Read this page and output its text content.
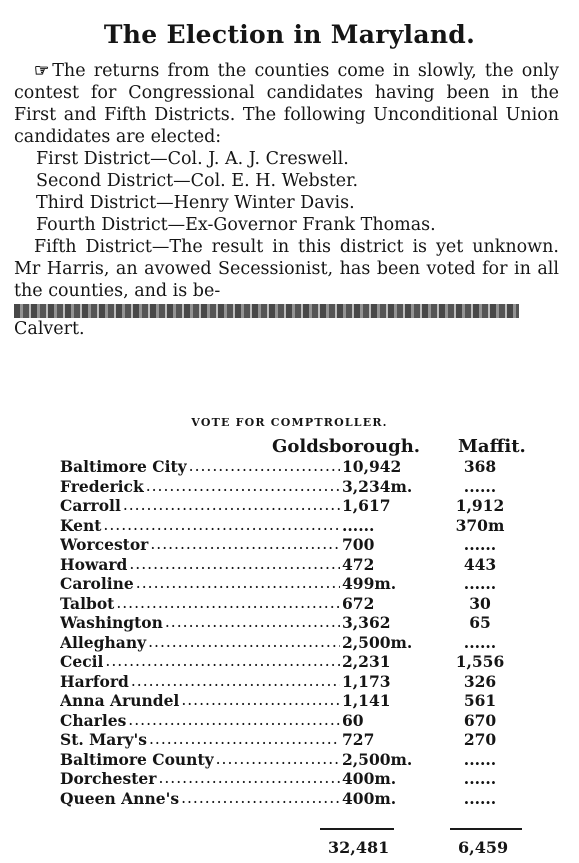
The Election in Maryland.

☞ The returns from the counties come in slowly, the only contest for Congressional candidates having been in the First and Fifth Districts. The following Unconditional Union candidates are elected:

First District—Col. J. A. J. Creswell.
Second District—Col. E. H. Webster.
Third District—Henry Winter Davis.
Fourth District—Ex-Governor Frank Thomas.

Fifth District—The result in this district is yet unknown. Mr Harris, an avowed Secessionist, has been voted for in all the counties, and is be-

Calvert.

VOTE FOR COMPTROLLER.
Goldsborough. Maffit.
Baltimore City .....	10,942	368
Frederick .....	3,234m.	......
Carroll .....	1,617	1,912
Kent .....	......	370m
Worcestor .....	700	......
Howard .....	472	443
Caroline .....	499m.	......
Talbot .....	672	30
Washington .....	3,362	65
Alleghany .....	2,500m.	......
Cecil .....	2,231	1,556
Harford .....	1,173	326
Anna Arundel .....	1,141	561
Charles .....	60	670
St. Mary's .....	727	270
Baltimore County .....	2,500m.	......
Dorchester .....	400m.	......
Queen Anne's .....	400m.	......
32,481	6,459
